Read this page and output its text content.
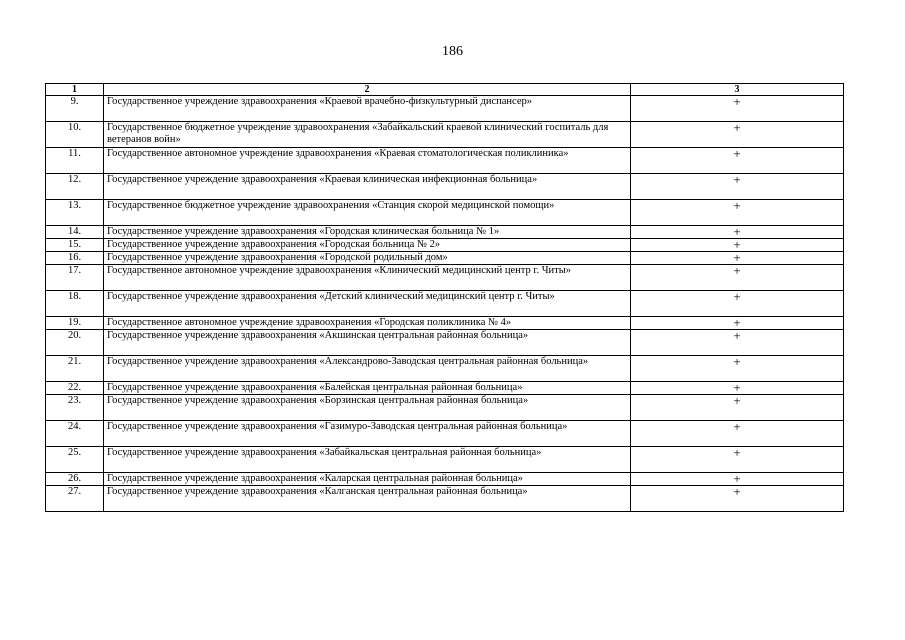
186
1	2	3
9.	Государственное учреждение здравоохранения «Краевой врачебно-физкультурный диспансер»	+
10.	Государственное бюджетное учреждение здравоохранения «Забайкальский краевой клинический госпиталь для ветеранов войн»	+
11.	Государственное автономное учреждение здравоохранения «Краевая стоматологическая поликлиника»	+
12.	Государственное учреждение здравоохранения «Краевая клиническая инфекционная больница»	+
13.	Государственное бюджетное учреждение здравоохранения «Станция скорой медицинской помощи»	+
14.	Государственное учреждение здравоохранения «Городская клиническая больница № 1»	+
15.	Государственное учреждение здравоохранения «Городская больница № 2»	+
16.	Государственное учреждение здравоохранения «Городской родильный дом»	+
17.	Государственное автономное учреждение здравоохранения «Клинический медицинский центр г. Читы»	+
18.	Государственное учреждение здравоохранения «Детский клинический медицинский центр г. Читы»	+
19.	Государственное автономное учреждение здравоохранения «Городская поликлиника № 4»	+
20.	Государственное учреждение здравоохранения «Акшинская центральная районная больница»	+
21.	Государственное учреждение здравоохранения «Александрово-Заводская центральная районная больница»	+
22.	Государственное учреждение здравоохранения «Балейская центральная районная больница»	+
23.	Государственное учреждение здравоохранения «Борзинская центральная районная больница»	+
24.	Государственное учреждение здравоохранения «Газимуро-Заводская центральная районная больница»	+
25.	Государственное учреждение здравоохранения «Забайкальская центральная районная больница»	+
26.	Государственное учреждение здравоохранения «Каларская центральная районная больница»	+
27.	Государственное учреждение здравоохранения «Калганская центральная районная больница»	+
